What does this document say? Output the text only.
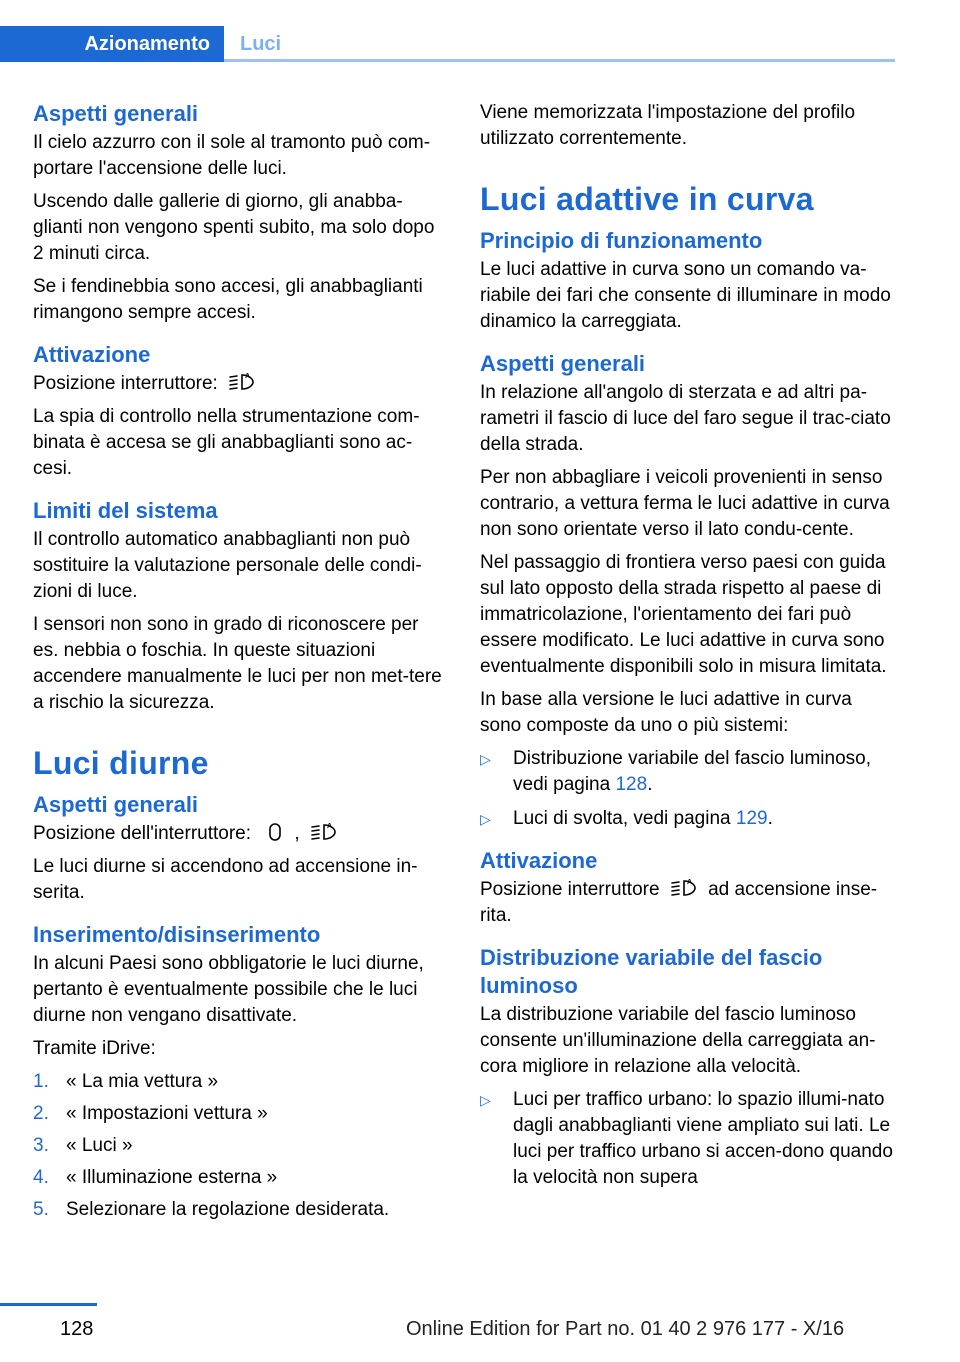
Azionamento	Luci
Aspetti generali

Il cielo azzurro con il sole al tramonto può com‐portare l'accensione delle luci.

Uscendo dalle gallerie di giorno, gli anabba‐glianti non vengono spenti subito, ma solo dopo 2 minuti circa.

Se i fendinebbia sono accesi, gli anabbaglianti rimangono sempre accesi.

Attivazione

Posizione interruttore:	A

La spia di controllo nella strumentazione com‐binata è accesa se gli anabbaglianti sono ac‐cesi.

Limiti del sistema

Il controllo automatico anabbaglianti non può sostituire la valutazione personale delle condi‐zioni di luce.

I sensori non sono in grado di riconoscere per es. nebbia o foschia. In queste situazioni accendere manualmente le luci per non met‐tere a rischio la sicurezza.

Luci diurne
Aspetti generali

Posizione dell'interruttore: ,	A

Le luci diurne si accendono ad accensione in‐serita.

Inserimento/disinserimento

In alcuni Paesi sono obbligatorie le luci diurne, pertanto è eventualmente possibile che le luci diurne non vengano disattivate.

Tramite iDrive:

1. « La mia vettura »
2. « Impostazioni vettura »
3. « Luci »
4. « Illuminazione esterna »
5. Selezionare la regolazione desiderata.

Viene memorizzata l'impostazione del profilo utilizzato correntemente.

Luci adattive in curva
Principio di funzionamento

Le luci adattive in curva sono un comando va‐riabile dei fari che consente di illuminare in modo dinamico la carreggiata.

Aspetti generali

In relazione all'angolo di sterzata e ad altri pa‐rametri il fascio di luce del faro segue il trac‐ciato della strada.

Per non abbagliare i veicoli provenienti in senso contrario, a vettura ferma le luci adattive in curva non sono orientate verso il lato condu‐cente.

Nel passaggio di frontiera verso paesi con guida sul lato opposto della strada rispetto al paese di immatricolazione, l'orientamento dei fari può essere modificato. Le luci adattive in curva sono eventualmente disponibili solo in misura limitata.

In base alla versione le luci adattive in curva sono composte da uno o più sistemi:

▷ Distribuzione variabile del fascio luminoso, vedi pagina 128.
▷ Luci di svolta, vedi pagina 129.
Attivazione

Posizione interruttore	A ad accensione inse‐rita.

Distribuzione variabile del fascio luminoso

La distribuzione variabile del fascio luminoso consente un'illuminazione della carreggiata an‐cora migliore in relazione alla velocità.

▷ Luci per traffico urbano: lo spazio illumi‐nato dagli anabbaglianti viene ampliato sui lati. Le luci per traffico urbano si accen‐dono quando la velocità non supera
128	Online Edition for Part no. 01 40 2 976 177 - X/16
